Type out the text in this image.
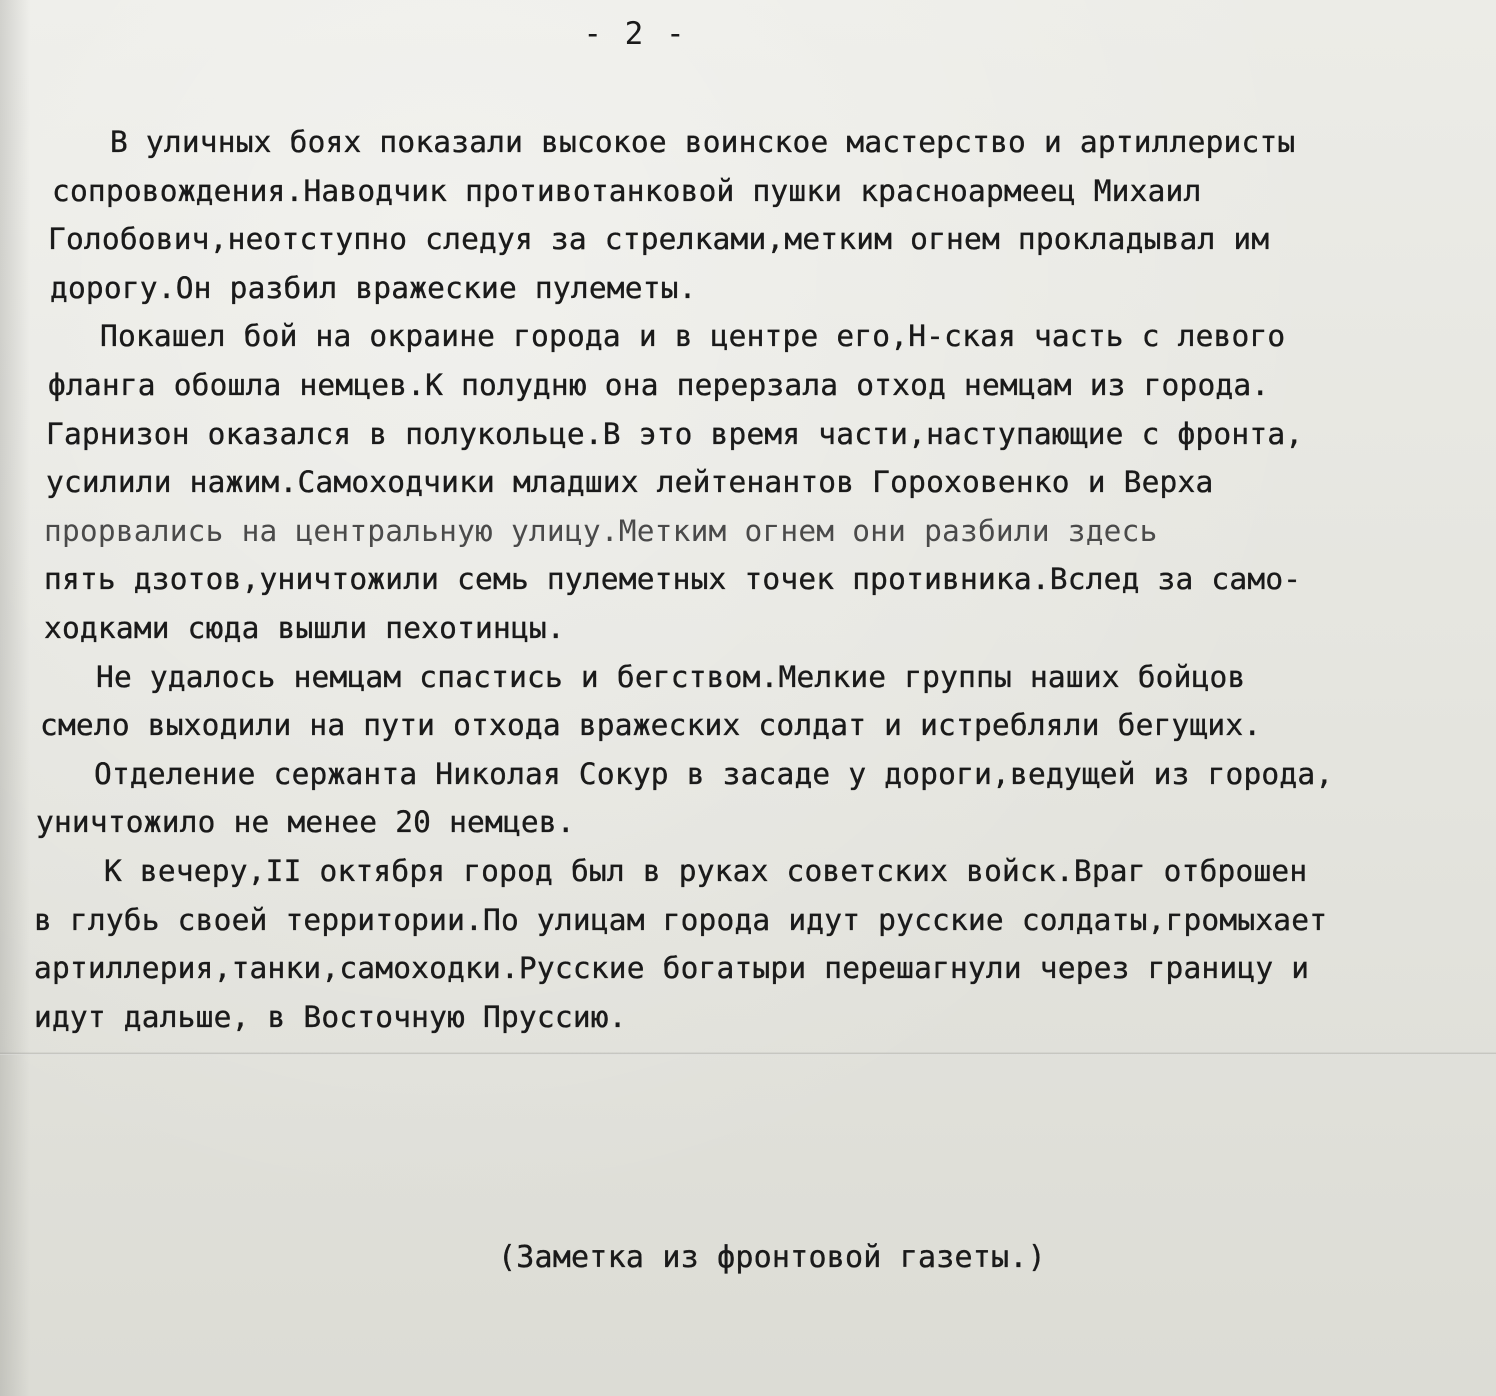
- 2 -
В уличных боях показали высокое воинское мастерство и артиллеристы
сопровождения.Наводчик противотанковой пушки красноармеец Михаил
Голобович,неотступно следуя за стрелками,метким огнем прокладывал им
дорогу.Он разбил вражеские пулеметы.
Покашел бой на окраине города и в центре его,Н-ская часть с левого
фланга обошла немцев.К полудню она перерзала отход немцам из города.
Гарнизон оказался в полукольце.В это время части,наступающие с фронта,
усилили нажим.Самоходчики младших лейтенантов Гороховенко и Верха
прорвались на центральную улицу.Метким огнем они разбили здесь
пять дзотов,уничтожили семь пулеметных точек противника.Вслед за само-
ходками сюда вышли пехотинцы.
Не удалось немцам спастись и бегством.Мелкие группы наших бойцов
смело выходили на пути отхода вражеских солдат и истребляли бегущих.
Отделение сержанта Николая Сокур в засаде у дороги,ведущей из города,
уничтожило не менее 20 немцев.
К вечеру,II октября город был в руках советских войск.Враг отброшен
в глубь своей территории.По улицам города идут русские солдаты,громыхает
артиллерия,танки,самоходки.Русские богатыри перешагнули через границу и
идут дальше, в Восточную Пруссию.
(Заметка из фронтовой газеты.)
